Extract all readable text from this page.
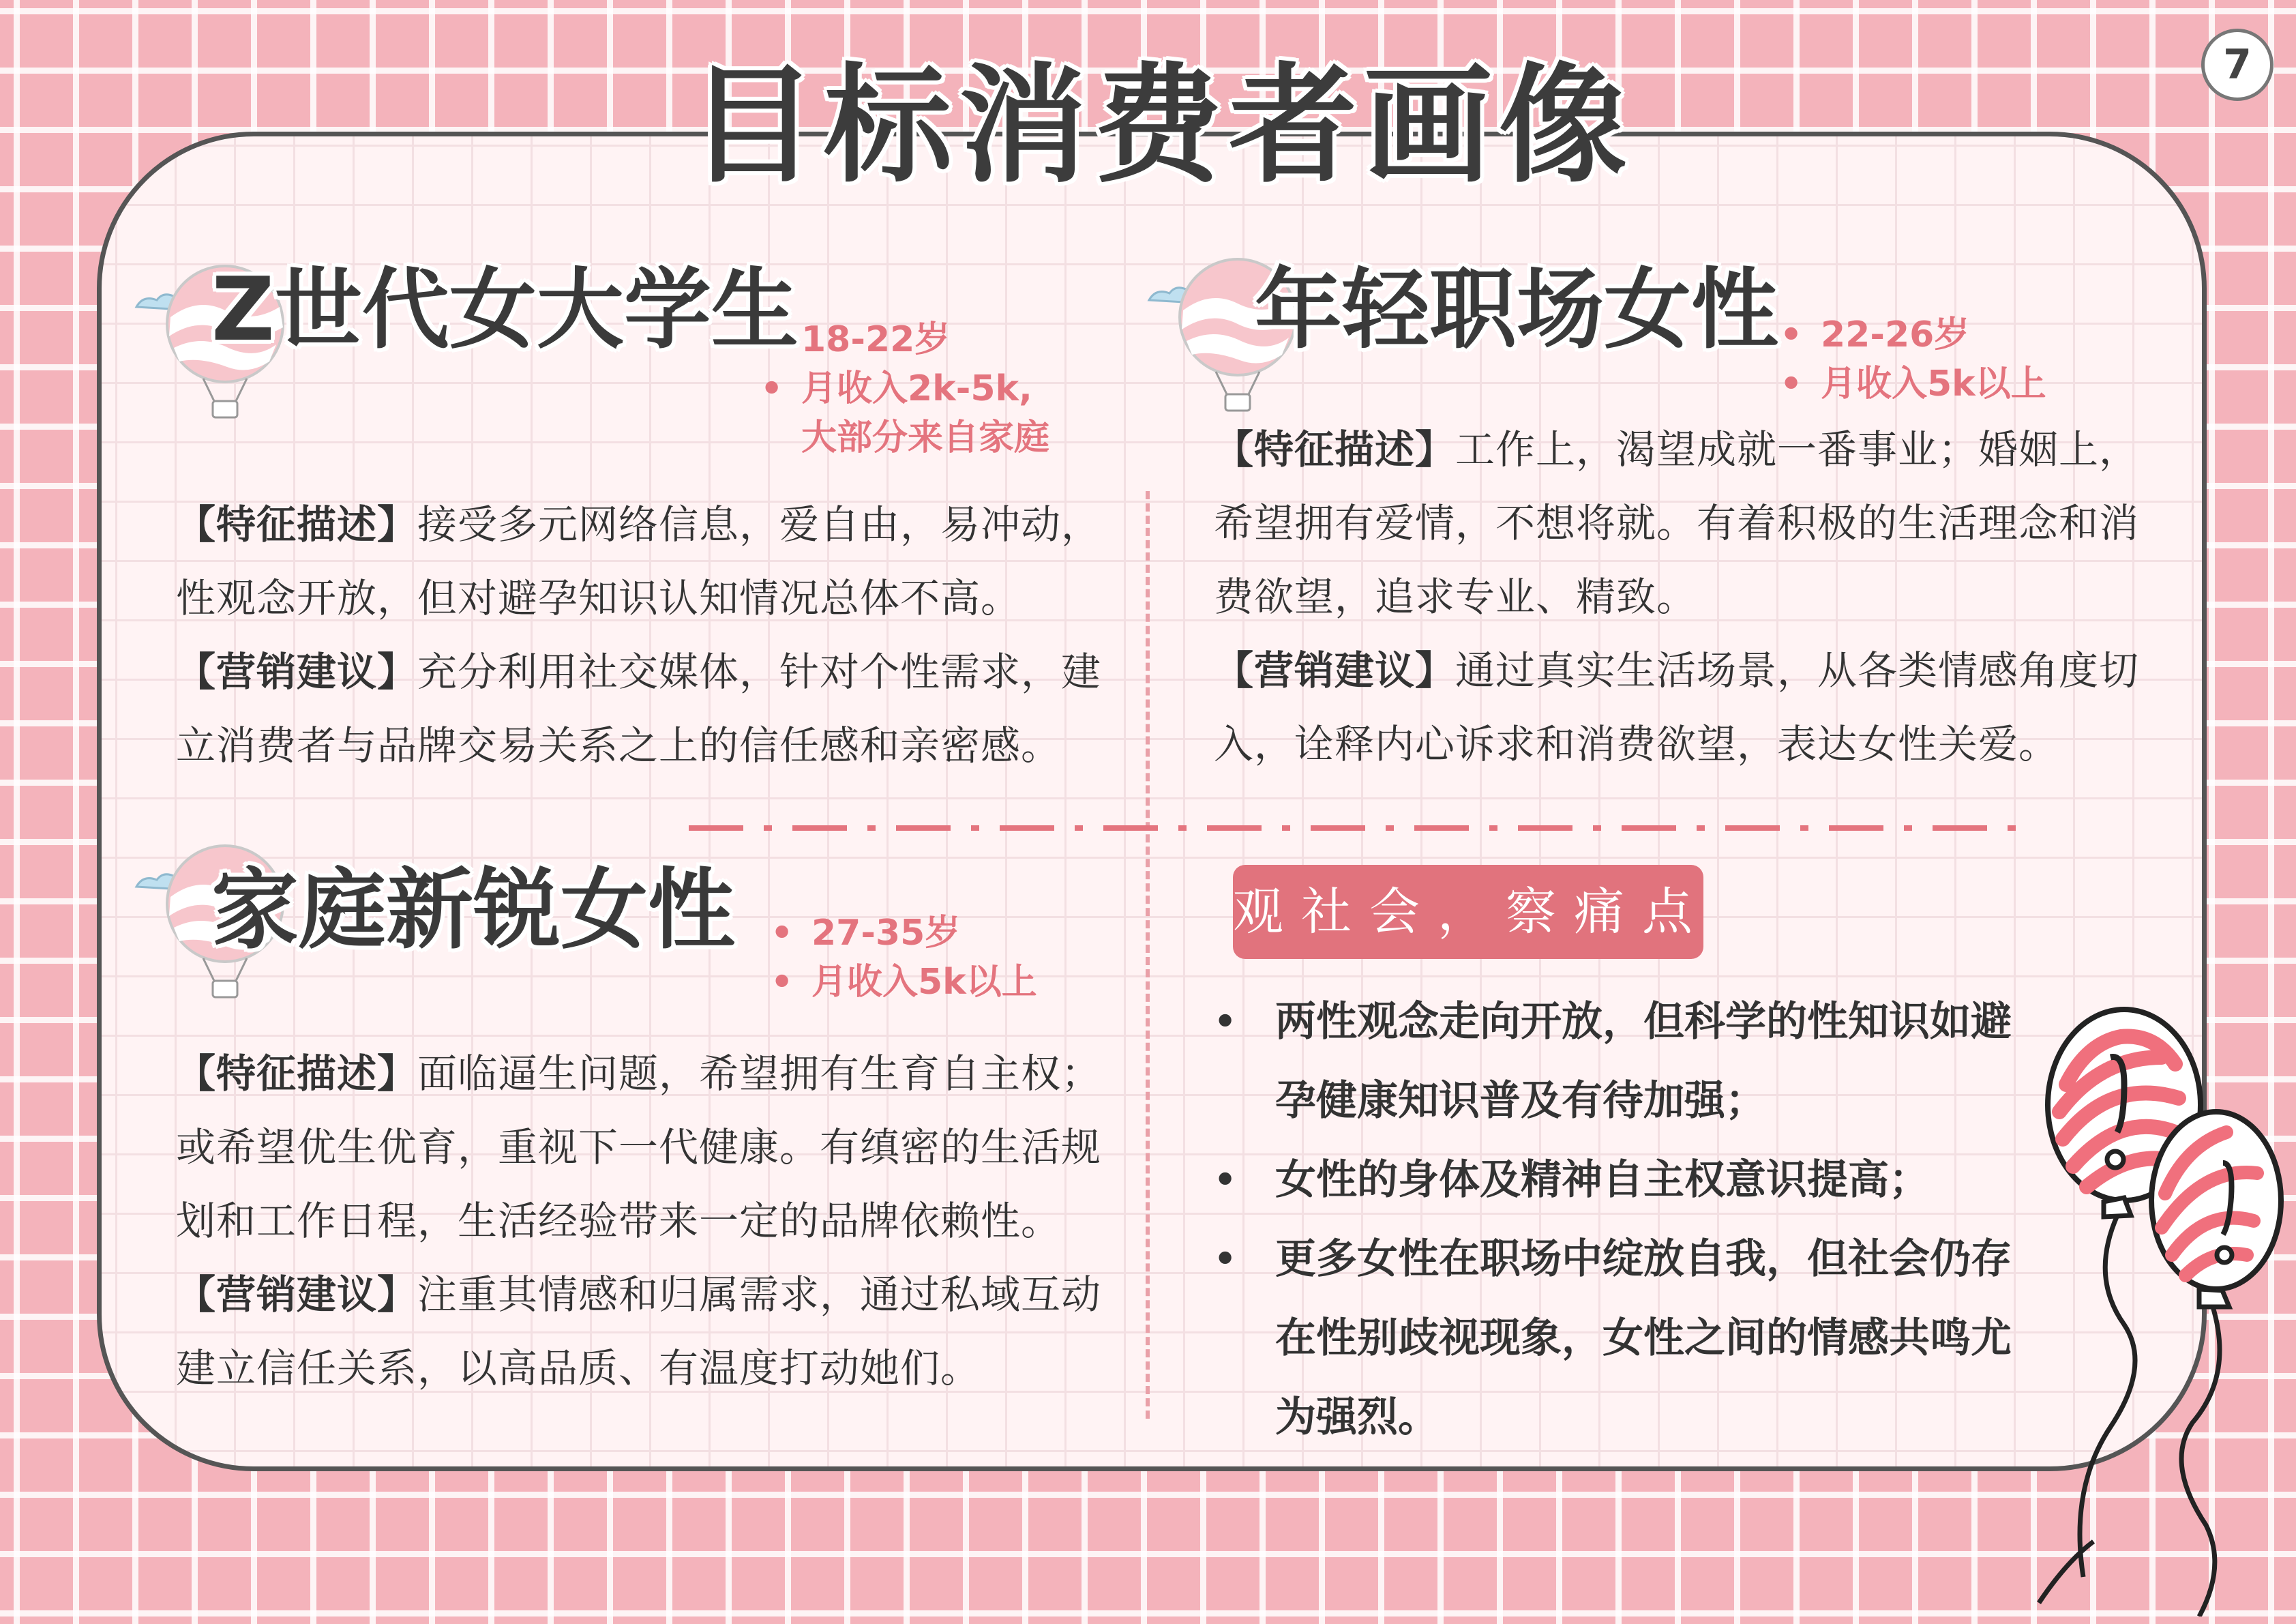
7
目标消费者画像
Z世代女大学生 18-22岁
• 月收入2k-5k,
大部分来自家庭
【特征描述】接受多元网络信息，爱自由，易冲动，性观念开放，但对避孕知识认知情况总体不高。
【营销建议】充分利用社交媒体，针对个性需求，建立消费者与品牌交易关系之上的信任感和亲密感。
年轻职场女性 • 22-26岁
• 月收入5k以上
【特征描述】工作上，渴望成就一番事业；婚姻上，希望拥有爱情，不想将就。有着积极的生活理念和消费欲望，追求专业、精致。
【营销建议】通过真实生活场景，从各类情感角度切入，诠释内心诉求和消费欲望，表达女性关爱。
家庭新锐女性 • 27-35岁
• 月收入5k以上
【特征描述】面临逼生问题，希望拥有生育自主权；或希望优生优育，重视下一代健康。有缜密的生活规划和工作日程，生活经验带来一定的品牌依赖性。
【营销建议】注重其情感和归属需求，通过私域互动建立信任关系，以高品质、有温度打动她们。
观社会，察痛点
• 两性观念走向开放，但科学的性知识如避孕健康知识普及有待加强；
• 女性的身体及精神自主权意识提高；
• 更多女性在职场中绽放自我，但社会仍存在性别歧视现象，女性之间的情感共鸣尤为强烈。
